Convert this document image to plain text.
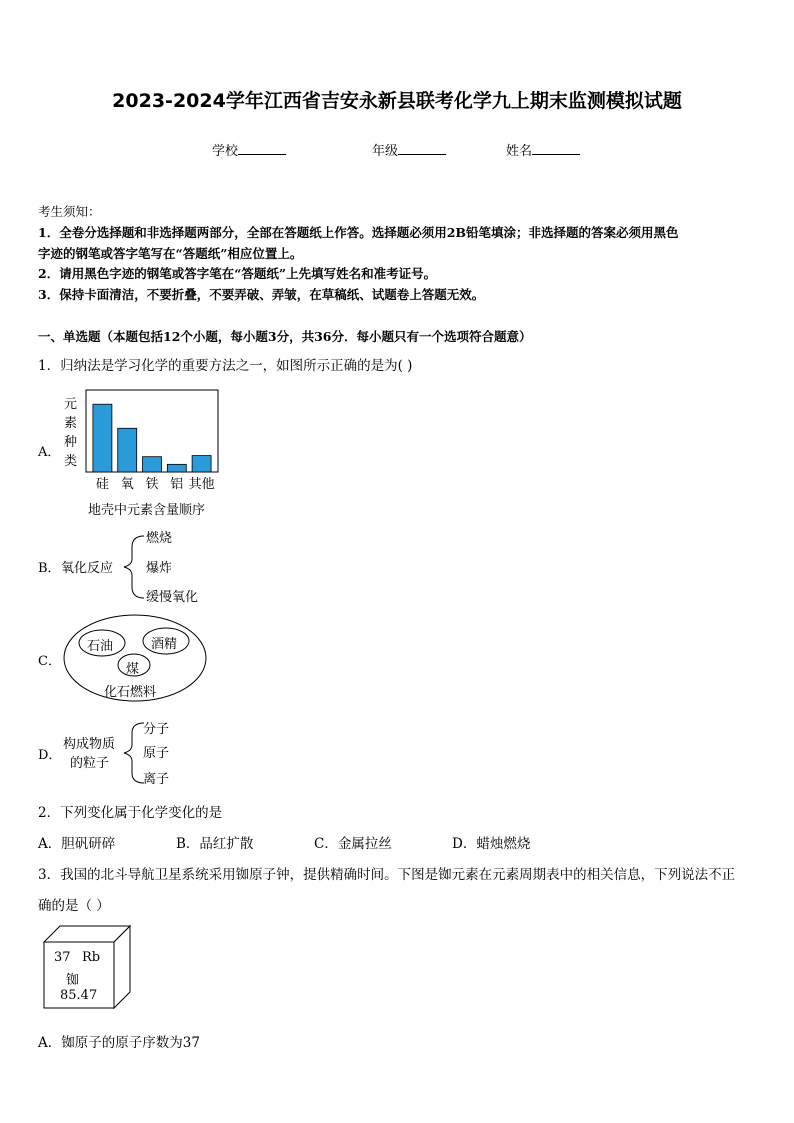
2023-2024学年江西省吉安永新县联考化学九上期末监测模拟试题
学校	年级	姓名
考生须知：
1．全卷分选择题和非选择题两部分，全部在答题纸上作答。选择题必须用2B铅笔填涂；非选择题的答案必须用黑色
字迹的钢笔或答字笔写在“答题纸”相应位置上。
2．请用黑色字迹的钢笔或答字笔在“答题纸”上先填写姓名和准考证号。
3．保持卡面清洁，不要折叠，不要弄破、弄皱，在草稿纸、试题卷上答题无效。
一、单选题（本题包括12个小题，每小题3分，共36分．每小题只有一个选项符合题意）
1．归纳法是学习化学的重要方法之一，如图所示正确的是为( )
A．
元
素
种
类
硅 氧 铁 铝 其他
地壳中元素含量顺序
B． 氧化反应
燃烧
爆炸
缓慢氧化
C．
石油	酒精
煤
化石燃料
D．
构成物质
的粒子
分子
原子
离子
2．下列变化属于化学变化的是
A．胆矾研碎	B．品红扩散	C．金属拉丝	D．蜡烛燃烧
3．我国的北斗导航卫星系统采用铷原子钟，提供精确时间。下图是铷元素在元素周期表中的相关信息，下列说法不正
确的是（ ）
37 Rb
铷
85.47
A．铷原子的原子序数为37
